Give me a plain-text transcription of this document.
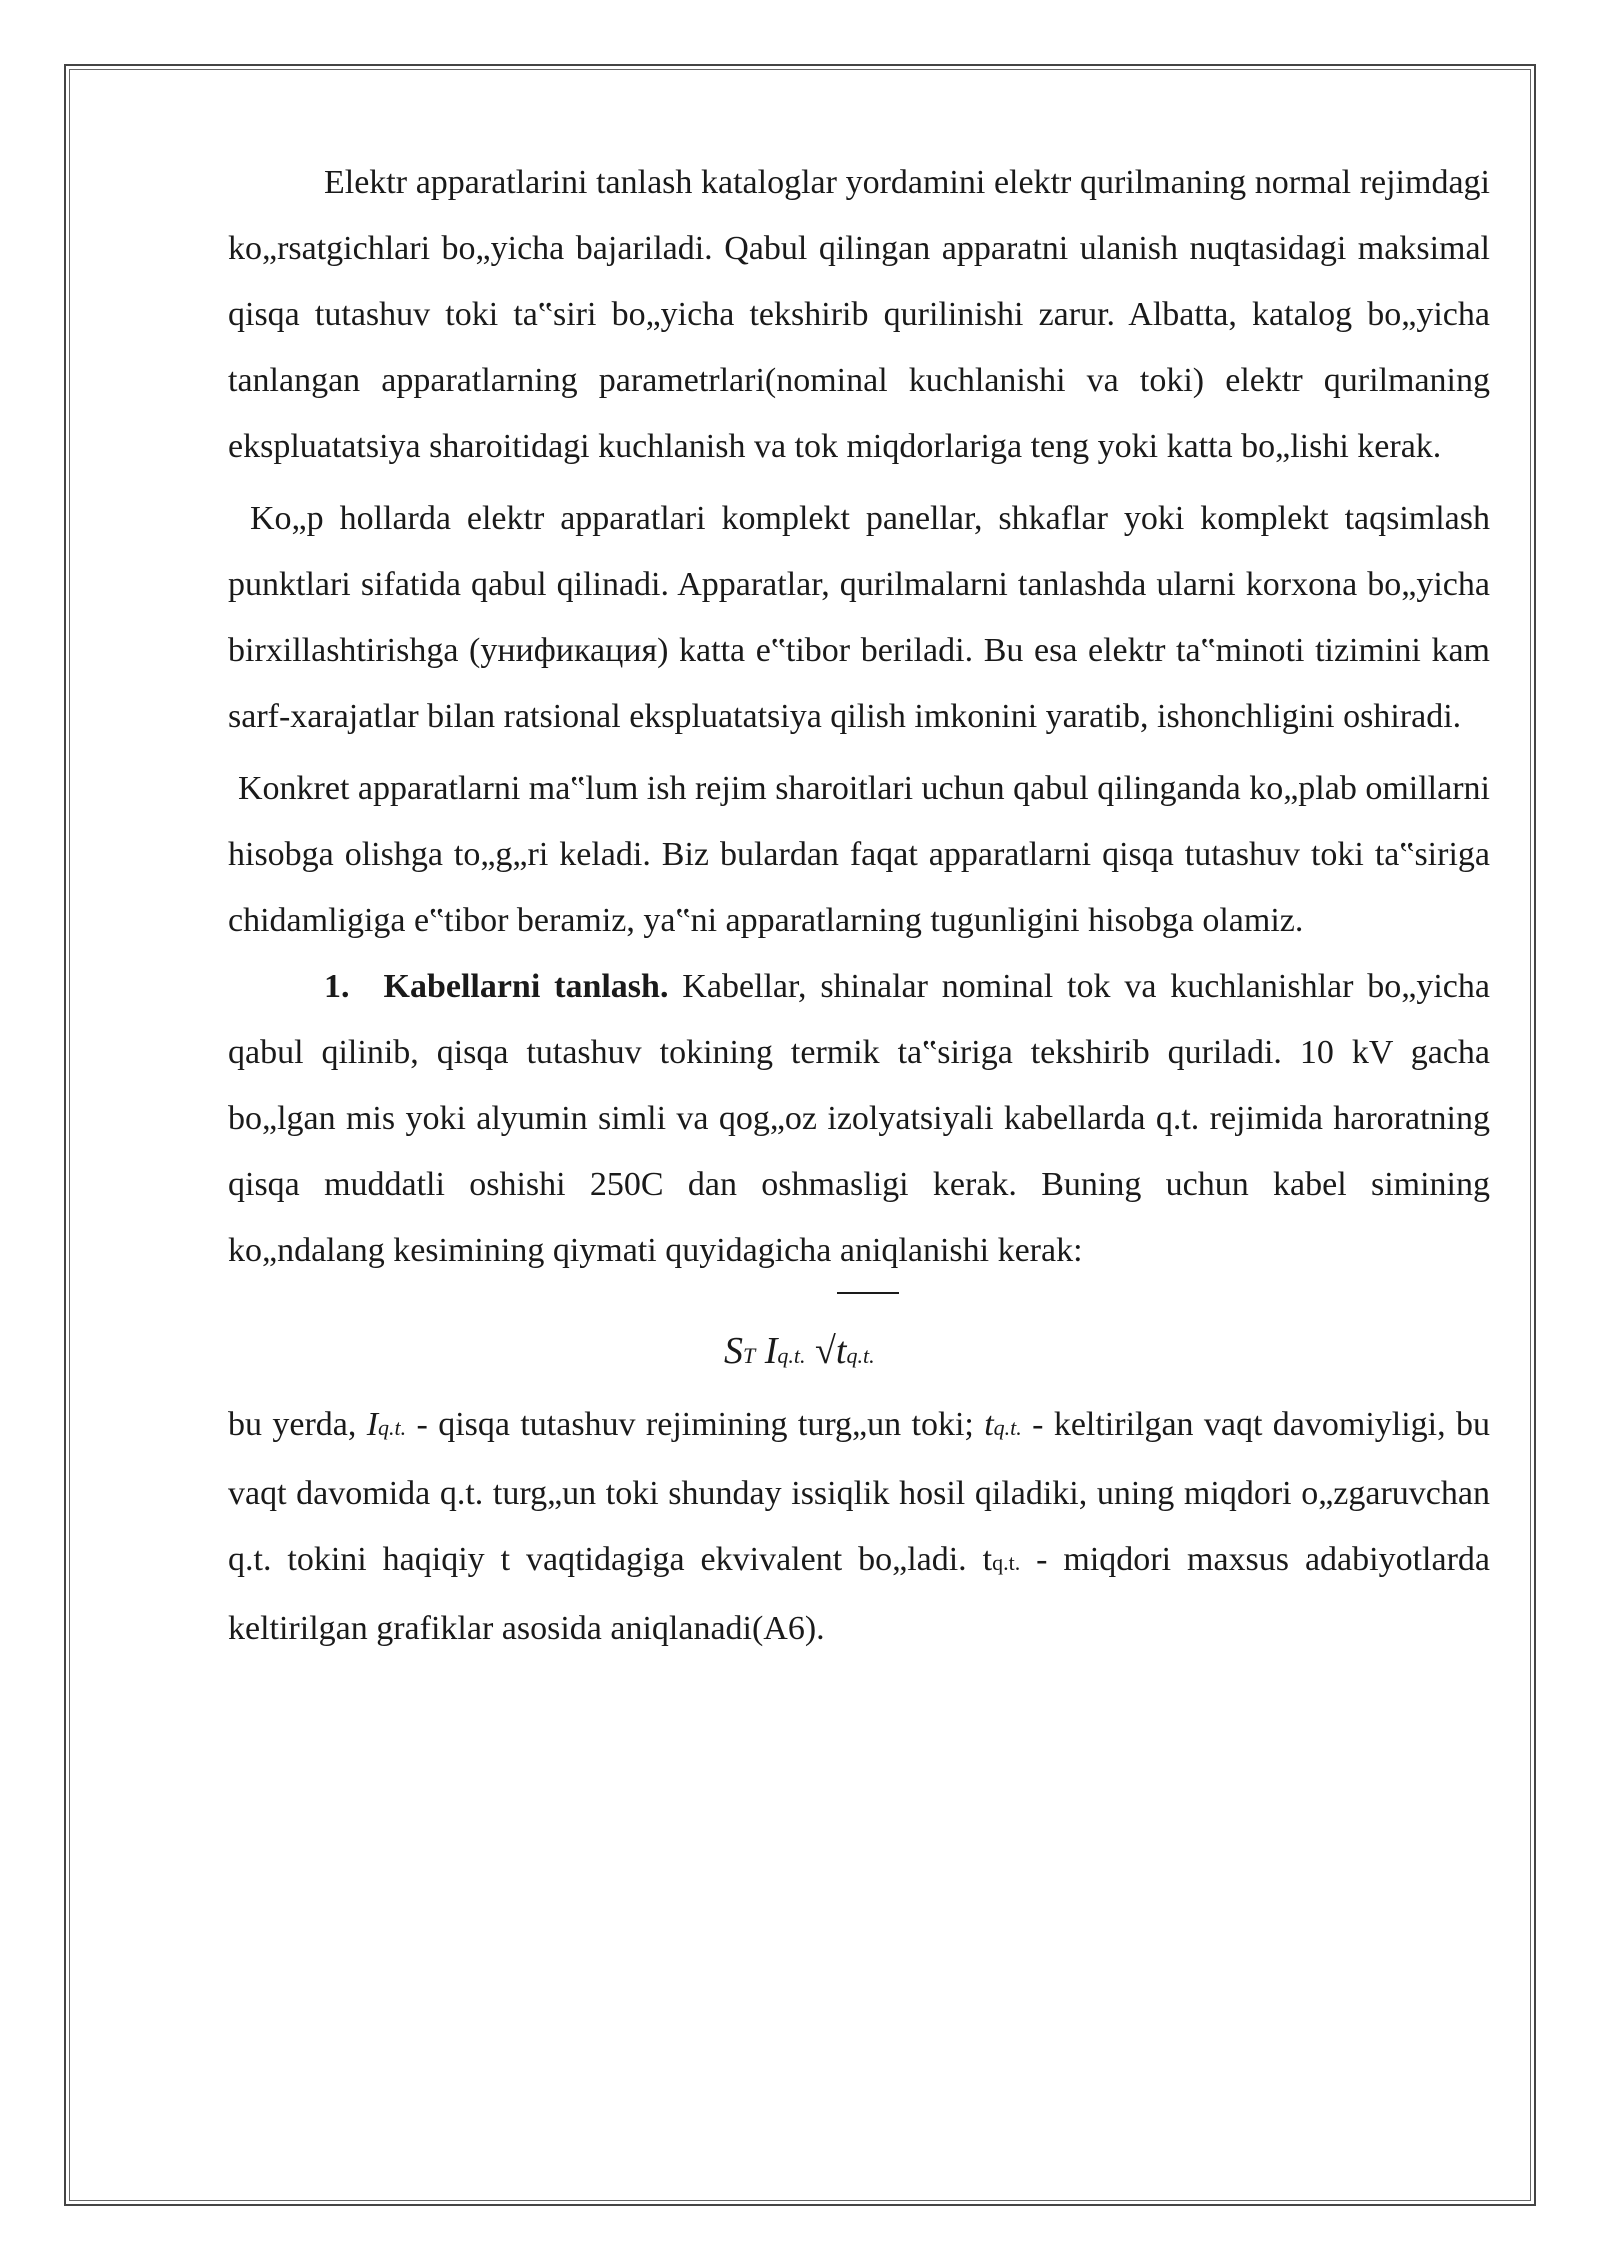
Elektr apparatlarini tanlash kataloglar yordamini elektr qurilmaning normal rejimdagi ko„rsatgichlari bo„yicha bajariladi. Qabul qilingan apparatni ulanish nuqtasidagi maksimal qisqa tutashuv toki ta‟siri bo„yicha tekshirib qurilinishi zarur. Albatta, katalog bo„yicha tanlangan apparatlarning parametrlari(nominal kuchlanishi va toki) elektr qurilmaning ekspluatatsiya sharoitidagi kuchlanish va tok miqdorlariga teng yoki katta bo„lishi kerak.

Ko„p hollarda elektr apparatlari komplekt panellar, shkaflar yoki komplekt taqsimlash punktlari sifatida qabul qilinadi. Apparatlar, qurilmalarni tanlashda ularni korxona bo„yicha birxillashtirishga (унификация) katta e‟tibor beriladi. Bu esa elektr ta‟minoti tizimini kam sarf-xarajatlar bilan ratsional ekspluatatsiya qilish imkonini yaratib, ishonchligini oshiradi.

Konkret apparatlarni ma‟lum ish rejim sharoitlari uchun qabul qilinganda ko„plab omillarni hisobga olishga to„g„ri keladi. Biz bulardan faqat apparatlarni qisqa tutashuv toki ta‟siriga chidamligiga e‟tibor beramiz, ya‟ni apparatlarning tugunligini hisobga olamiz.

1. Kabellarni tanlash. Kabellar, shinalar nominal tok va kuchlanishlar bo„yicha qabul qilinib, qisqa tutashuv tokining termik ta‟siriga tekshirib quriladi. 10 kV gacha bo„lgan mis yoki alyumin simli va qog„oz izolyatsiyali kabellarda q.t. rejimida haroratning qisqa muddatli oshishi 250C dan oshmasligi kerak. Buning uchun kabel simining ko„ndalang kesimining qiymati quyidagicha aniqlanishi kerak:

ST Iq.t. √tq.t.

bu yerda, Iq.t. - qisqa tutashuv rejimining turg„un toki; tq.t. - keltirilgan vaqt davomiyligi, bu vaqt davomida q.t. turg„un toki shunday issiqlik hosil qiladiki, uning miqdori o„zgaruvchan q.t. tokini haqiqiy t vaqtidagiga ekvivalent bo„ladi. tq.t. - miqdori maxsus adabiyotlarda keltirilgan grafiklar asosida aniqlanadi(A6).
